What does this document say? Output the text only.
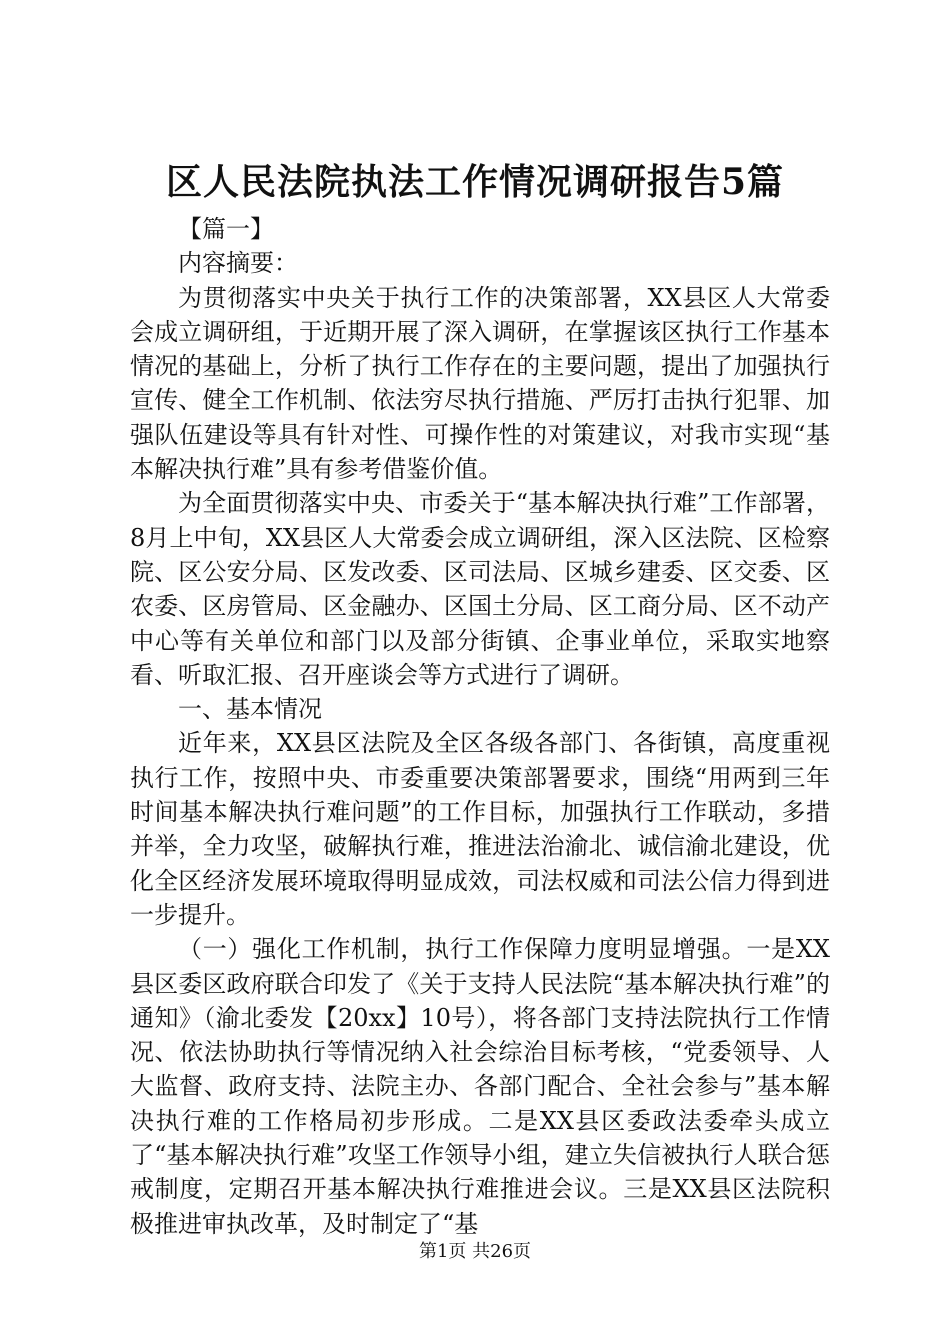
区人民法院执法工作情况调研报告5篇

【篇一】

内容摘要：

为贯彻落实中央关于执行工作的决策部署，XX县区人大常委会成立调研组，于近期开展了深入调研，在掌握该区执行工作基本情况的基础上，分析了执行工作存在的主要问题，提出了加强执行宣传、健全工作机制、依法穷尽执行措施、严厉打击执行犯罪、加强队伍建设等具有针对性、可操作性的对策建议，对我市实现“基本解决执行难”具有参考借鉴价值。

为全面贯彻落实中央、市委关于“基本解决执行难”工作部署，8月上中旬，XX县区人大常委会成立调研组，深入区法院、区检察院、区公安分局、区发改委、区司法局、区城乡建委、区交委、区农委、区房管局、区金融办、区国土分局、区工商分局、区不动产中心等有关单位和部门以及部分街镇、企事业单位，采取实地察看、听取汇报、召开座谈会等方式进行了调研。

一、基本情况

近年来，XX县区法院及全区各级各部门、各街镇，高度重视执行工作，按照中央、市委重要决策部署要求，围绕“用两到三年时间基本解决执行难问题”的工作目标，加强执行工作联动，多措并举，全力攻坚，破解执行难，推进法治渝北、诚信渝北建设，优化全区经济发展环境取得明显成效，司法权威和司法公信力得到进一步提升。

（一）强化工作机制，执行工作保障力度明显增强。一是XX县区委区政府联合印发了《关于支持人民法院“基本解决执行难”的通知》（渝北委发【20xx】10号），将各部门支持法院执行工作情况、依法协助执行等情况纳入社会综治目标考核，“党委领导、人大监督、政府支持、法院主办、各部门配合、全社会参与”基本解决执行难的工作格局初步形成。二是XX县区委政法委牵头成立了“基本解决执行难”攻坚工作领导小组，建立失信被执行人联合惩戒制度，定期召开基本解决执行难推进会议。三是XX县区法院积极推进审执改革，及时制定了“基

第1页 共26页
